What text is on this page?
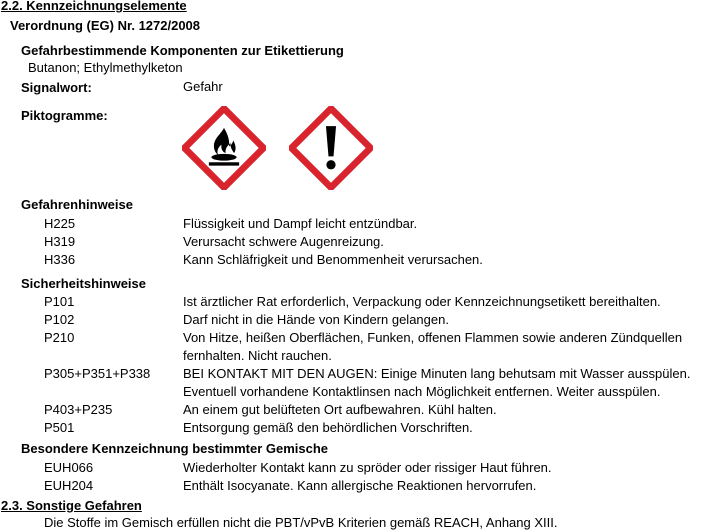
2.2. Kennzeichnungselemente
Verordnung (EG) Nr. 1272/2008
Gefahrbestimmende Komponenten zur Etikettierung
Butanon; Ethylmethylketon
Signalwort:	Gefahr
Piktogramme:
Gefahrenhinweise
H225	Flüssigkeit und Dampf leicht entzündbar.
H319	Verursacht schwere Augenreizung.
H336	Kann Schläfrigkeit und Benommenheit verursachen.
Sicherheitshinweise
P101	Ist ärztlicher Rat erforderlich, Verpackung oder Kennzeichnungsetikett bereithalten.
P102	Darf nicht in die Hände von Kindern gelangen.
P210	Von Hitze, heißen Oberflächen, Funken, offenen Flammen sowie anderen Zündquellen
fernhalten. Nicht rauchen.
P305+P351+P338	BEI KONTAKT MIT DEN AUGEN: Einige Minuten lang behutsam mit Wasser ausspülen.
Eventuell vorhandene Kontaktlinsen nach Möglichkeit entfernen. Weiter ausspülen.
P403+P235	An einem gut belüfteten Ort aufbewahren. Kühl halten.
P501	Entsorgung gemäß den behördlichen Vorschriften.
Besondere Kennzeichnung bestimmter Gemische
EUH066	Wiederholter Kontakt kann zu spröder oder rissiger Haut führen.
EUH204	Enthält Isocyanate. Kann allergische Reaktionen hervorrufen.
2.3. Sonstige Gefahren
Die Stoffe im Gemisch erfüllen nicht die PBT/vPvB Kriterien gemäß REACH, Anhang XIII.
